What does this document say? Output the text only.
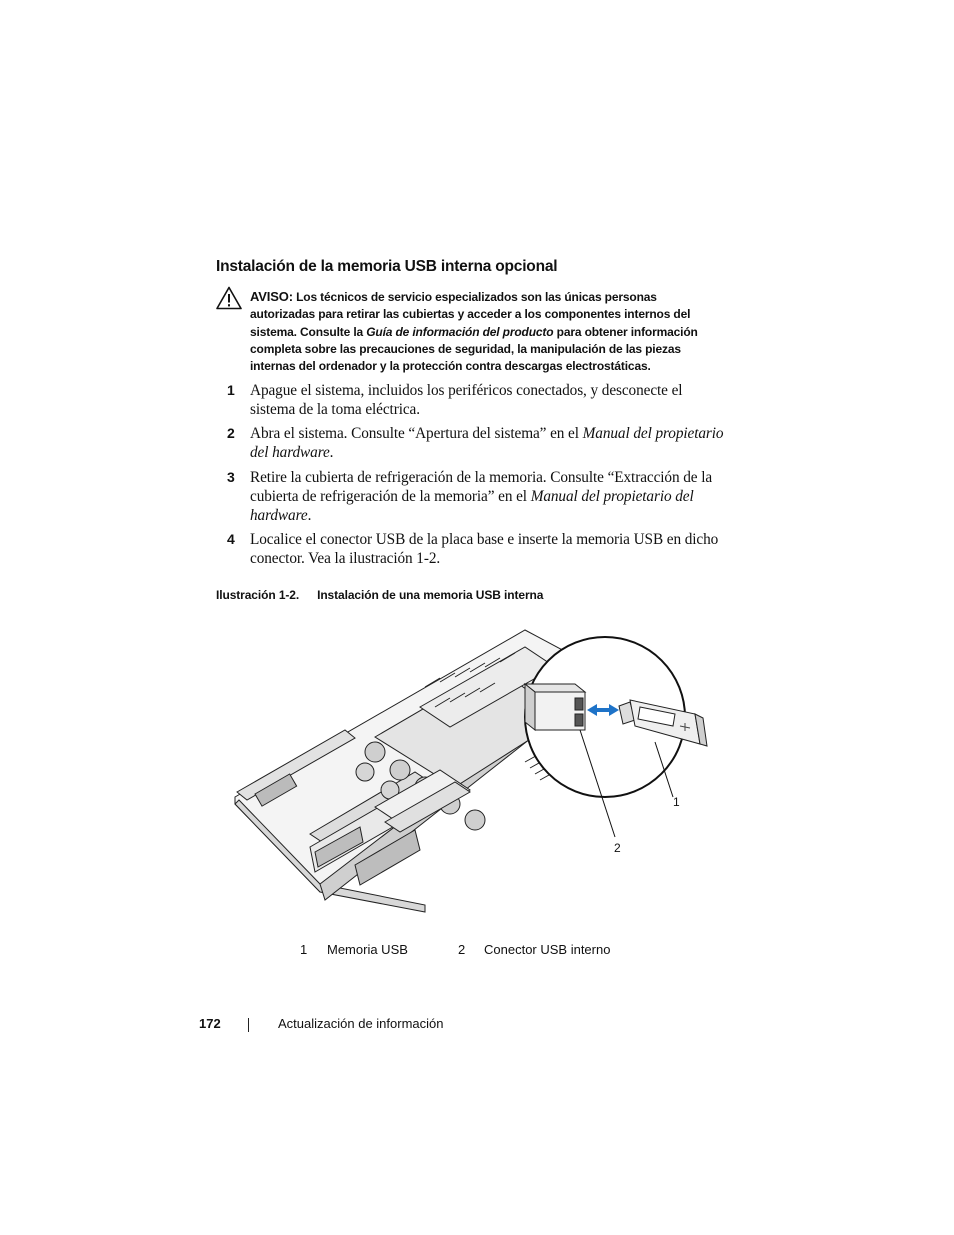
Instalación de la memoria USB interna opcional
AVISO: Los técnicos de servicio especializados son las únicas personas autorizadas para retirar las cubiertas y acceder a los componentes internos del sistema. Consulte la Guía de información del producto para obtener información completa sobre las precauciones de seguridad, la manipulación de las piezas internas del ordenador y la protección contra descargas electrostáticas.
1 Apague el sistema, incluidos los periféricos conectados, y desconecte el sistema de la toma eléctrica.
2 Abra el sistema. Consulte “Apertura del sistema” en el Manual del propietario del hardware.
3 Retire la cubierta de refrigeración de la memoria. Consulte “Extracción de la cubierta de refrigeración de la memoria” en el Manual del propietario del hardware.
4 Localice el conector USB de la placa base e inserte la memoria USB en dicho conector. Vea la ilustración 1-2.
Ilustración 1-2. Instalación de una memoria USB interna
1
2
1 Memoria USB	2 Conector USB interno
172	Actualización de información
